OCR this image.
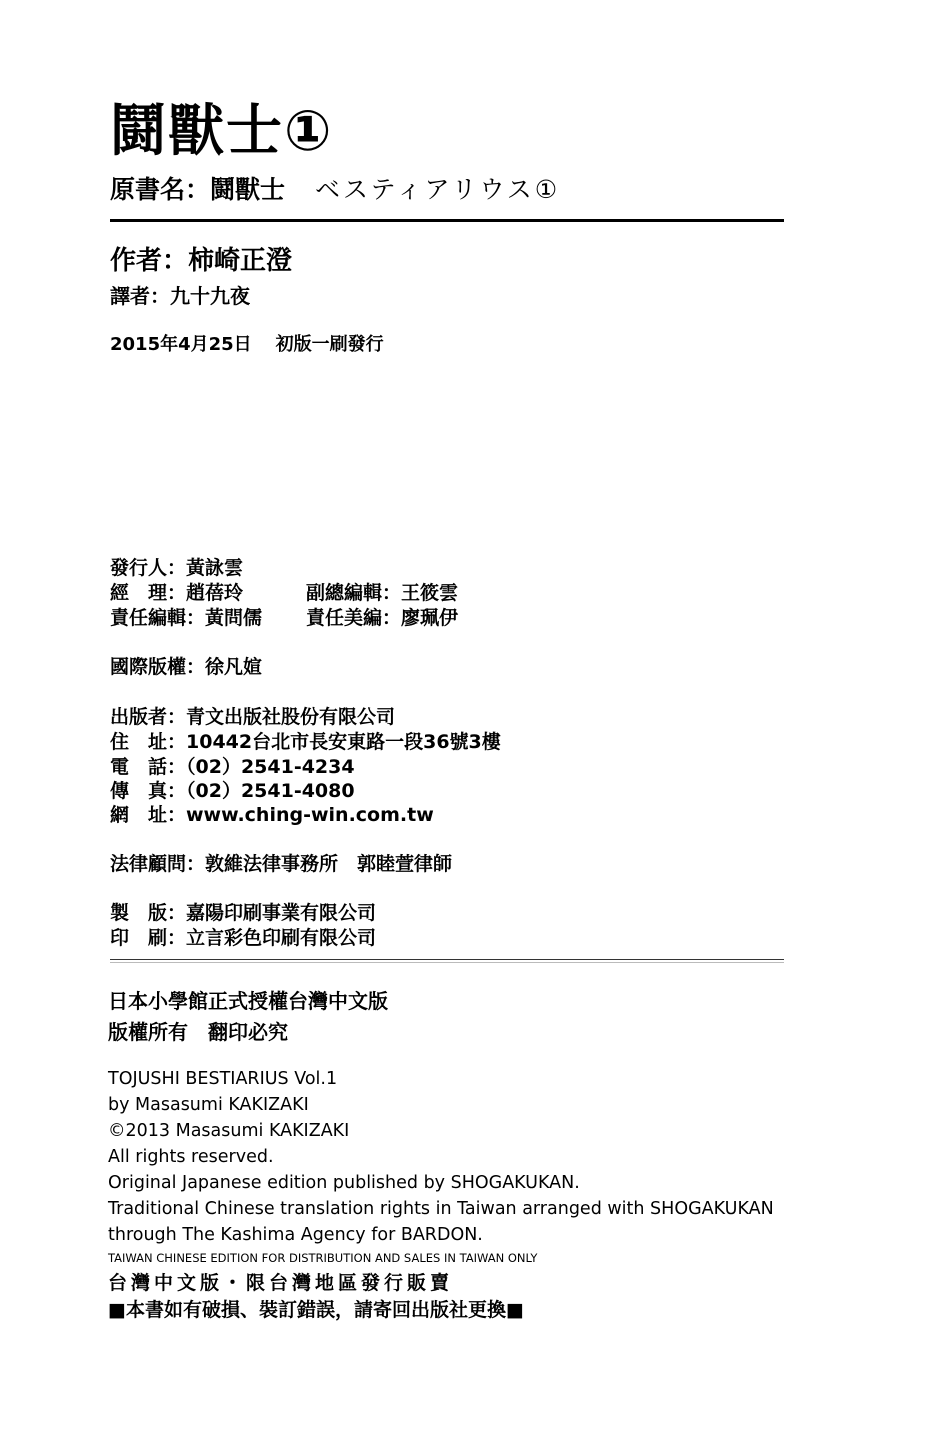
鬪獸士①
原書名：鬪獸士 ベスティアリウス①
作者：柿崎正澄
譯者：九十九夜
2015年4月25日 初版一刷發行
發行人：黃詠雲
經　理：趙蓓玲	副總編輯：王筱雲
責任編輯：黃問儒 責任美編：廖珮伊
國際版權：徐凡媗
出版者：青文出版社股份有限公司
住　址：10442台北市長安東路一段36號3樓
電　話：（02）2541-4234
傳　真：（02）2541-4080
網　址：www.ching-win.com.tw
法律顧問：敦維法律事務所　郭睦萱律師
製　版：嘉陽印刷事業有限公司
印　刷：立言彩色印刷有限公司
日本小學館正式授權台灣中文版
版權所有　翻印必究
TOJUSHI BESTIARIUS Vol.1
by Masasumi KAKIZAKI
©2013 Masasumi KAKIZAKI
All rights reserved.
Original Japanese edition published by SHOGAKUKAN.
Traditional Chinese translation rights in Taiwan arranged with SHOGAKUKAN
through The Kashima Agency for BARDON.
TAIWAN CHINESE EDITION FOR DISTRIBUTION AND SALES IN TAIWAN ONLY
台灣中文版・限台灣地區發行販賣
■本書如有破損、裝訂錯誤，請寄回出版社更換■
